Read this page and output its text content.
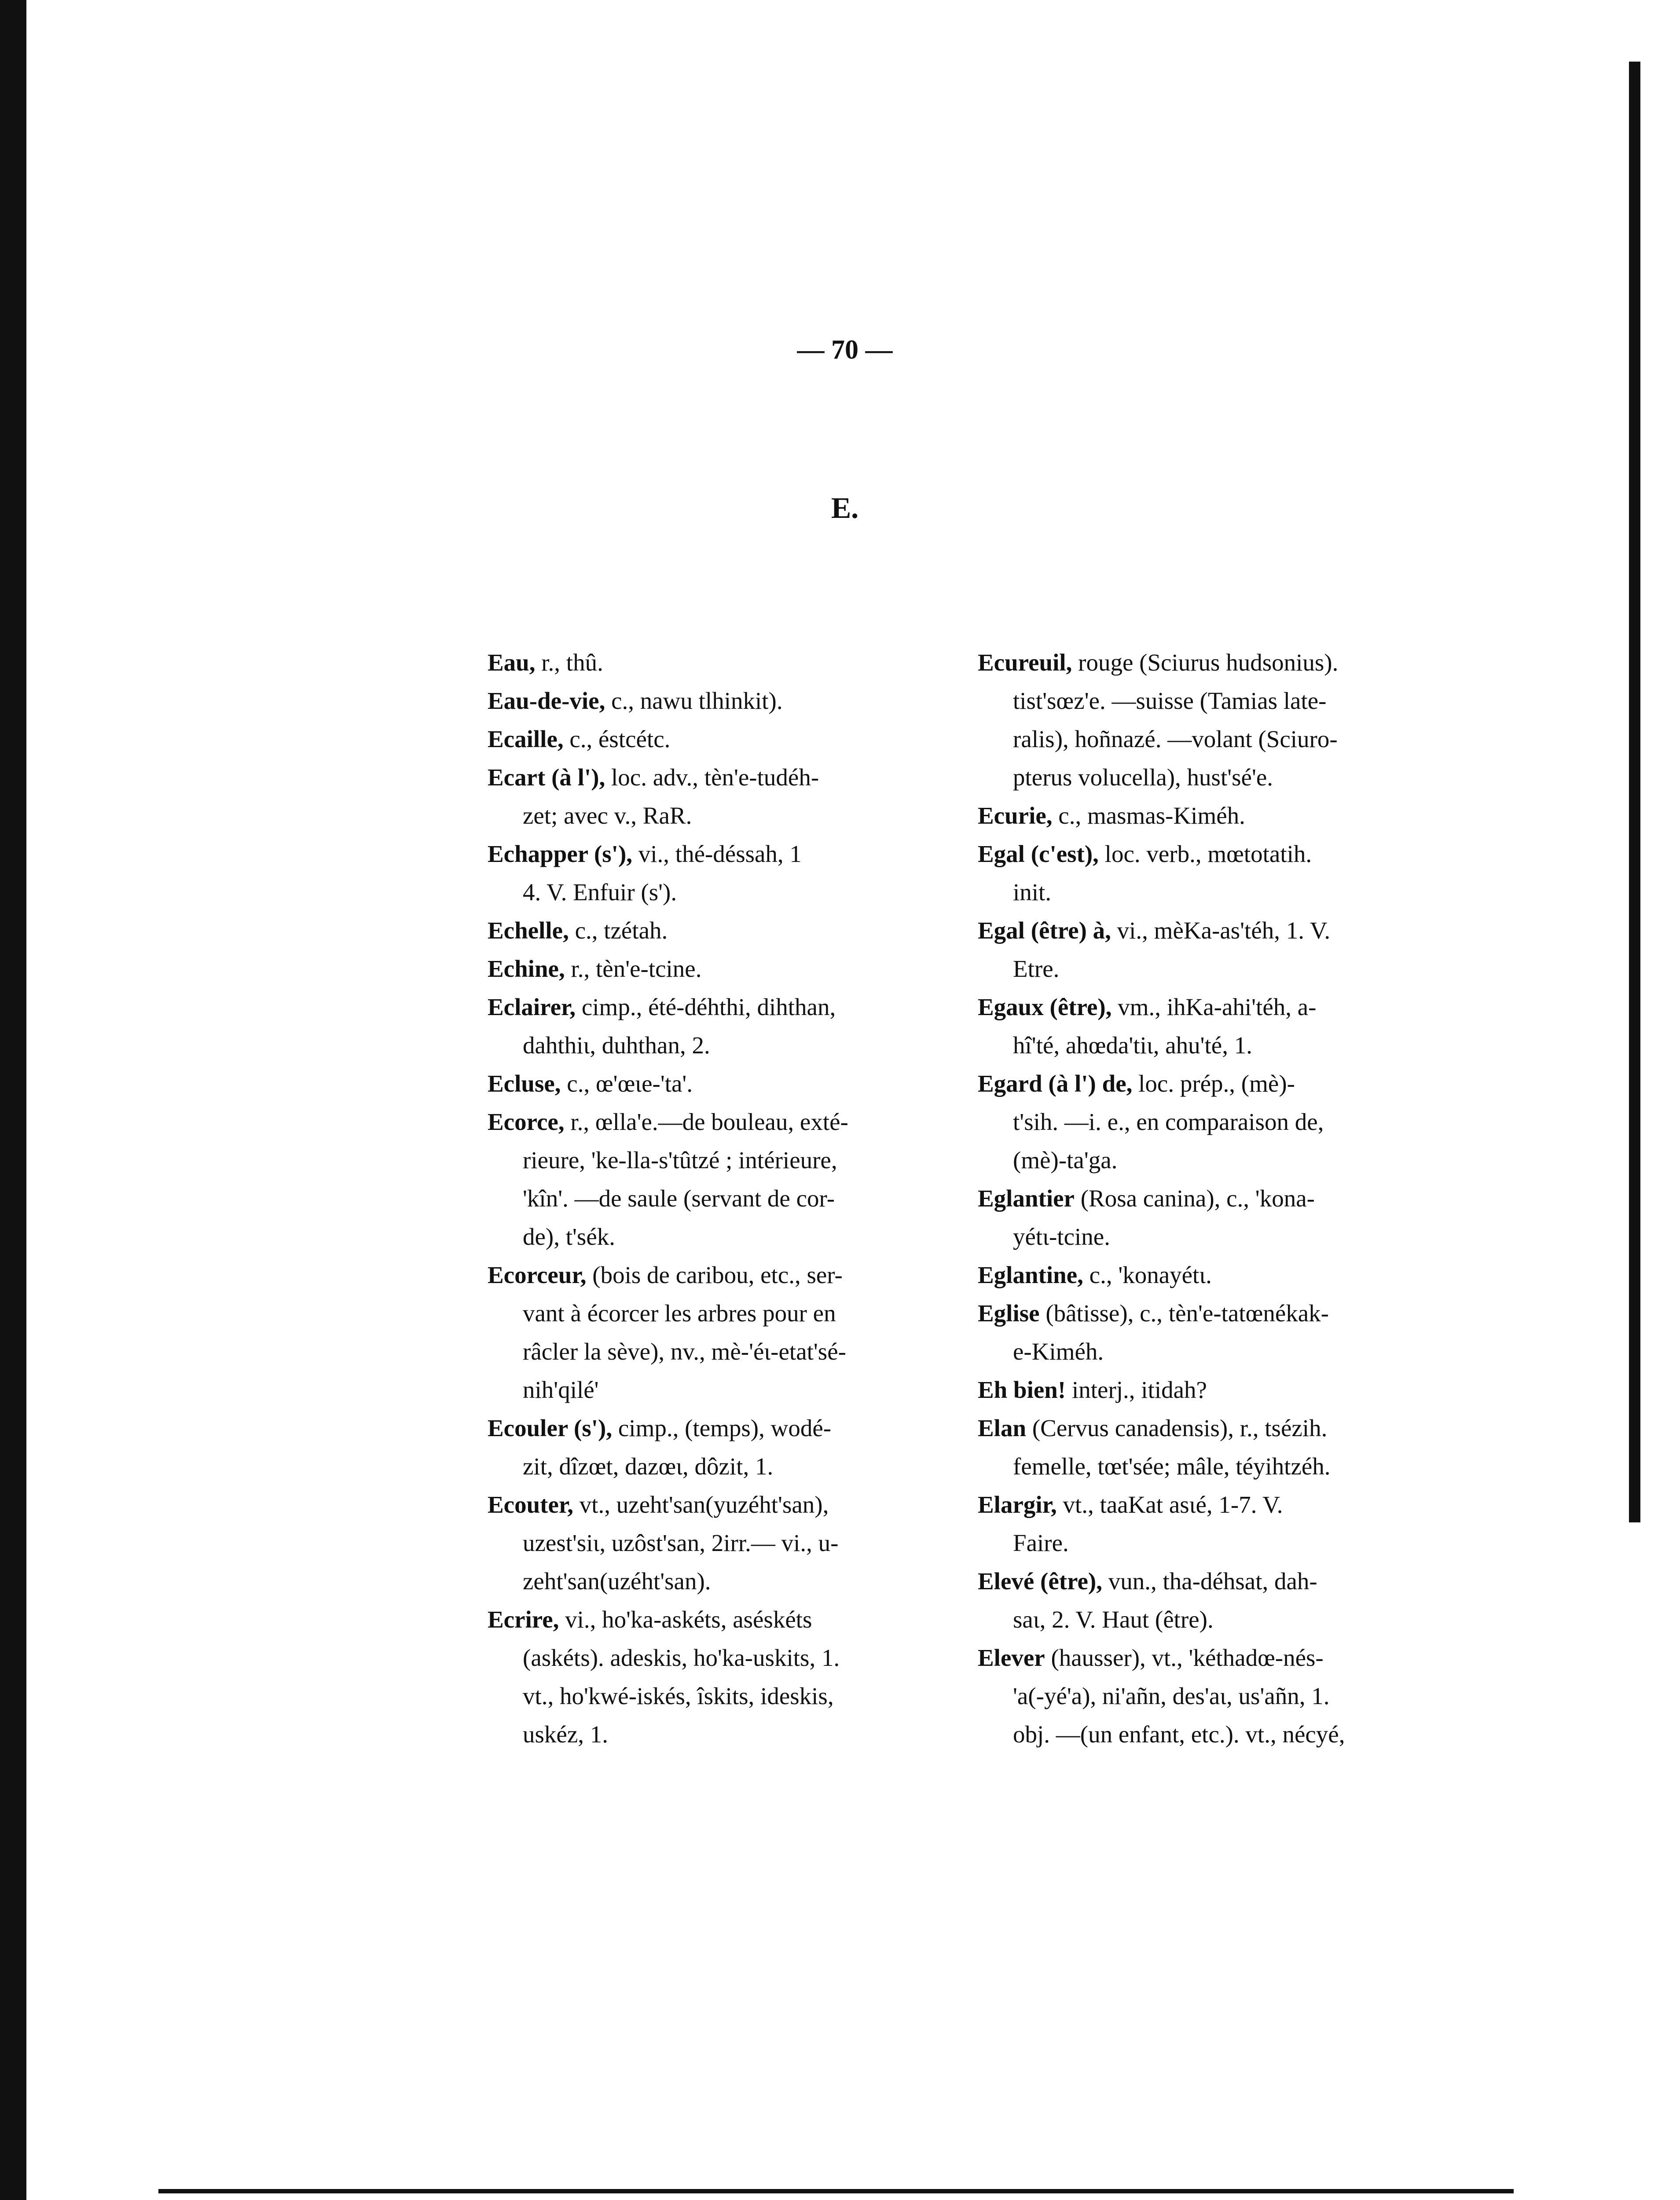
— 70 —
E.
Eau, r., thû.
Eau-de-vie, c., nawu tlhinkit).
Ecaille, c., éstcétc.
Ecart (à l'), loc. adv., tèn'e-tudéh-
zet; avec v., RaR.
Echapper (s'), vi., thé-déssah, 1
4. V. Enfuir (s').
Echelle, c., tzétah.
Echine, r., tèn'e-tcine.
Eclairer, cimp., été-déhthi, dihthan,
dahthiɩ, duhthan, 2.
Ecluse, c., œ'œɩe-'ta'.
Ecorce, r., œlla'e.—de bouleau, exté-
rieure, 'ke-lla-s'tûtzé ; intérieure,
'kîn'. —de saule (servant de cor-
de), t'sék.
Ecorceur, (bois de caribou, etc., ser-
vant à écorcer les arbres pour en
râcler la sève), nv., mè-'éɩ-etat'sé-
nih'qilé'
Ecouler (s'), cimp., (temps), wodé-
zit, dîzœt, dazœɩ, dôzit, 1.
Ecouter, vt., uzeht'san(yuzéht'san),
uzest'siɩ, uzôst'san, 2irr.— vi., u-
zeht'san(uzéht'san).
Ecrire, vi., ho'ka-askéts, aséskéts
(askéts). adeskis, ho'ka-uskits, 1.
vt., ho'kwé-iskés, îskits, ideskis,
uskéz, 1.
Ecureuil, rouge (Sciurus hudsonius).
tist'sœz'e. —suisse (Tamias late-
ralis), hoñnazé. —volant (Sciuro-
pterus volucella), hust'sé'e.
Ecurie, c., masmas-Kiméh.
Egal (c'est), loc. verb., mœtotatih.
init.
Egal (être) à, vi., mèKa-as'téh, 1. V.
Etre.
Egaux (être), vm., ihKa-ahi'téh, a-
hî'té, ahœda'tiɩ, ahu'té, 1.
Egard (à l') de, loc. prép., (mè)-
t'sih. —i. e., en comparaison de,
(mè)-ta'ga.
Eglantier (Rosa canina), c., 'kona-
yétɩ-tcine.
Eglantine, c., 'konayétɩ.
Eglise (bâtisse), c., tèn'e-tatœnékak-
e-Kiméh.
Eh bien! interj., itidah?
Elan (Cervus canadensis), r., tsézih.
femelle, tœt'sée; mâle, téyihtzéh.
Elargir, vt., taaKat asɩé, 1-7. V.
Faire.
Elevé (être), vun., tha-déhsat, dah-
saɩ, 2. V. Haut (être).
Elever (hausser), vt., 'kéthadœ-nés-
'a(-yé'a), ni'añn, des'aɩ, us'añn, 1.
obj. —(un enfant, etc.). vt., nécyé,
